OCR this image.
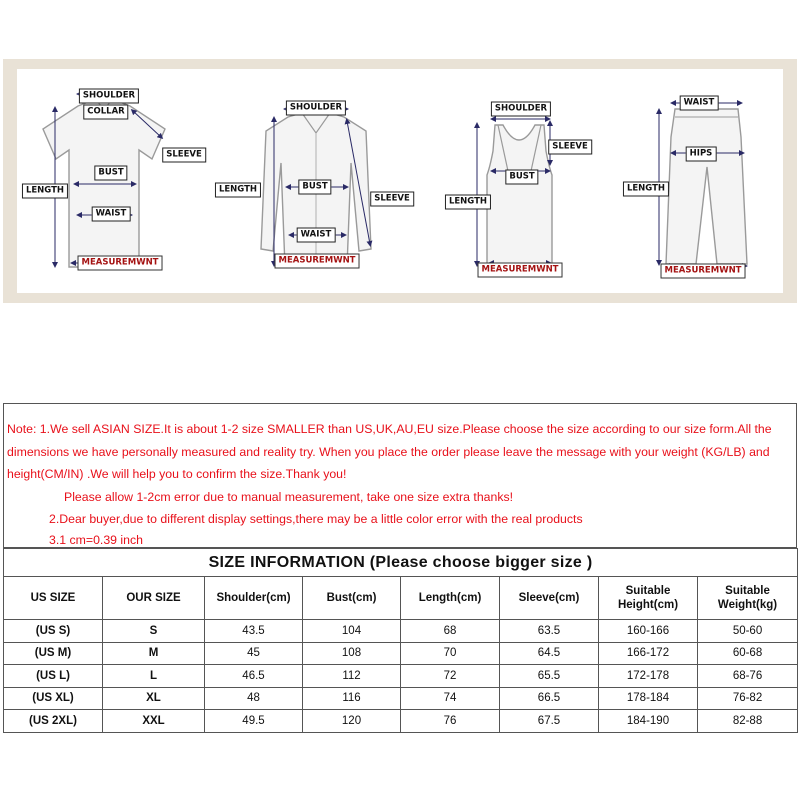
SHOULDER
COLLAR
SLEEVE
BUST
LENGTH
WAIST
MEASUREMWNT
SHOULDER
BUST
LENGTH
SLEEVE
WAIST
MEASUREMWNT
SHOULDER
SLEEVE
BUST
LENGTH
MEASUREMWNT
WAIST
HIPS
LENGTH
MEASUREMWNT
Note: 1.We sell ASIAN SIZE.It is about 1-2 size SMALLER than US,UK,AU,EU size.Please choose the size according to our size form.All the dimensions we have personally measured and reality try. When you place the order please leave the message with your weight (KG/LB) and height(CM/IN) .We will help you to confirm the size.Thank you!
Please allow 1-2cm error due to manual measurement, take one size extra thanks!
2.Dear buyer,due to different display settings,there may be a little color error with the real products
3.1 cm=0.39 inch
SIZE INFORMATION (Please choose bigger size )							
US SIZE	OUR SIZE	Shoulder(cm)	Bust(cm)	Length(cm)	Sleeve(cm)	Suitable Height(cm)	Suitable Weight(kg)
(US S)	S	43.5	104	68	63.5	160-166	50-60
(US M)	M	45	108	70	64.5	166-172	60-68
(US L)	L	46.5	112	72	65.5	172-178	68-76
(US XL)	XL	48	116	74	66.5	178-184	76-82
(US 2XL)	XXL	49.5	120	76	67.5	184-190	82-88
